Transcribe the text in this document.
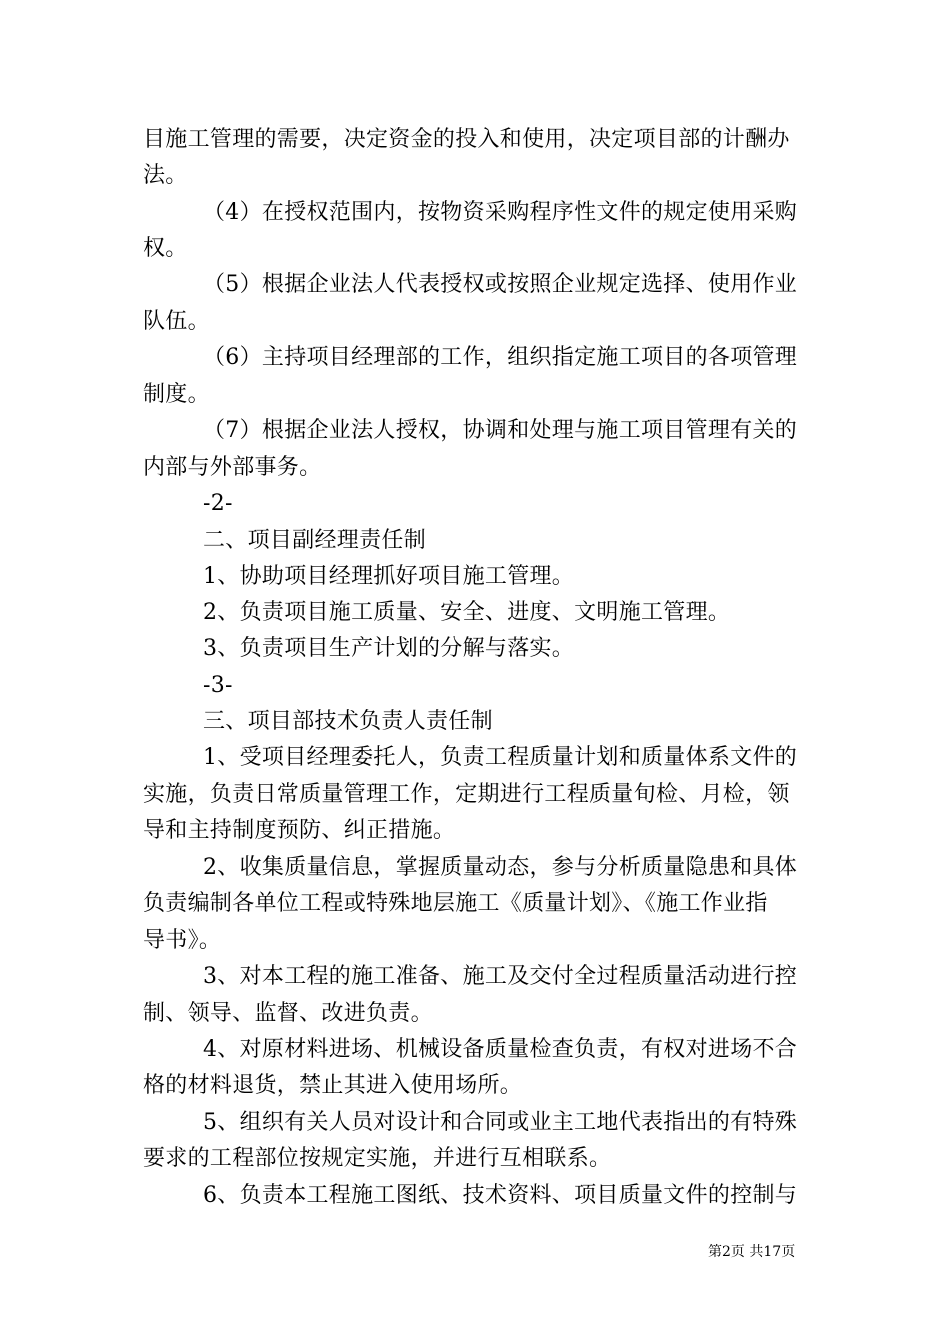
目施工管理的需要，决定资金的投入和使用，决定项目部的计酬办
法。
（4）在授权范围内，按物资采购程序性文件的规定使用采购
权。
（5）根据企业法人代表授权或按照企业规定选择、使用作业
队伍。
（6）主持项目经理部的工作，组织指定施工项目的各项管理
制度。
（7）根据企业法人授权，协调和处理与施工项目管理有关的
内部与外部事务。
-2-
二、项目副经理责任制
1、协助项目经理抓好项目施工管理。
2、负责项目施工质量、安全、进度、文明施工管理。
3、负责项目生产计划的分解与落实。
-3-
三、项目部技术负责人责任制
1、受项目经理委托人，负责工程质量计划和质量体系文件的
实施，负责日常质量管理工作，定期进行工程质量旬检、月检，领
导和主持制度预防、纠正措施。
2、收集质量信息，掌握质量动态，参与分析质量隐患和具体
负责编制各单位工程或特殊地层施工《质量计划》、《施工作业指
导书》。
3、对本工程的施工准备、施工及交付全过程质量活动进行控
制、领导、监督、改进负责。
4、对原材料进场、机械设备质量检查负责，有权对进场不合
格的材料退货，禁止其进入使用场所。
5、组织有关人员对设计和合同或业主工地代表指出的有特殊
要求的工程部位按规定实施，并进行互相联系。
6、负责本工程施工图纸、技术资料、项目质量文件的控制与
第2页 共17页
